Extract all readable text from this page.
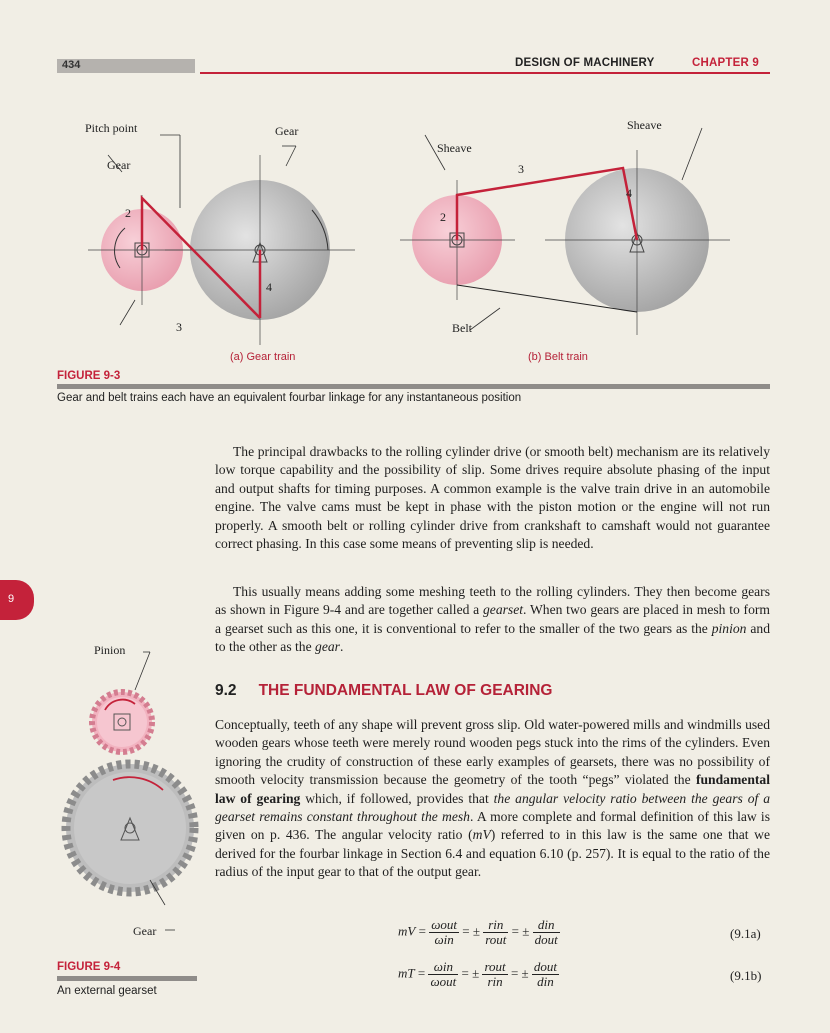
434	DESIGN OF MACHINERY	CHAPTER 9
Pitch point
Gear
Gear
Sheave
Sheave
Belt
2
3
4
2
3
4
(a) Gear train	(b) Belt train
FIGURE 9-3
Gear and belt trains each have an equivalent fourbar linkage for any instantaneous position

The principal drawbacks to the rolling cylinder drive (or smooth belt) mechanism are its relatively low torque capability and the possibility of slip. Some drives require absolute phasing of the input and output shafts for timing purposes. A common example is the valve train drive in an automobile engine. The valve cams must be kept in phase with the piston motion or the engine will not run properly. A smooth belt or rolling cylinder drive from crankshaft to camshaft would not guarantee correct phasing. In this case some means of preventing slip is needed.

This usually means adding some meshing teeth to the rolling cylinders. They then become gears as shown in Figure 9-4 and are together called a gearset. When two gears are placed in mesh to form a gearset such as this one, it is conventional to refer to the smaller of the two gears as the pinion and to the other as the gear.

9.2 THE FUNDAMENTAL LAW OF GEARING

Conceptually, teeth of any shape will prevent gross slip. Old water-powered mills and windmills used wooden gears whose teeth were merely round wooden pegs stuck into the rims of the cylinders. Even ignoring the crudity of construction of these early examples of gearsets, there was no possibility of smooth velocity transmission because the geometry of the tooth “pegs” violated the fundamental law of gearing which, if followed, provides that the angular velocity ratio between the gears of a gearset remains constant throughout the mesh. A more complete and formal definition of this law is given on p. 436. The angular velocity ratio (mV) referred to in this law is the same one that we derived for the fourbar linkage in Section 6.4 and equation 6.10 (p. 257). It is equal to the ratio of the radius of the input gear to that of the output gear.

mV = $\frac{\text{ωout}}{\text{ωin}}$ = ± $\frac{\text{rin}}{\text{rout}}$ = ± $\frac{\text{din}}{\text{dout}}$	(9.1a)
mT = $\frac{\text{ωin}}{\text{ωout}}$ = ± $\frac{\text{rout}}{\text{rin}}$ = ± $\frac{\text{dout}}{\text{din}}$	(9.1b)
9
Pinion
Gear
FIGURE 9-4
An external gearset
